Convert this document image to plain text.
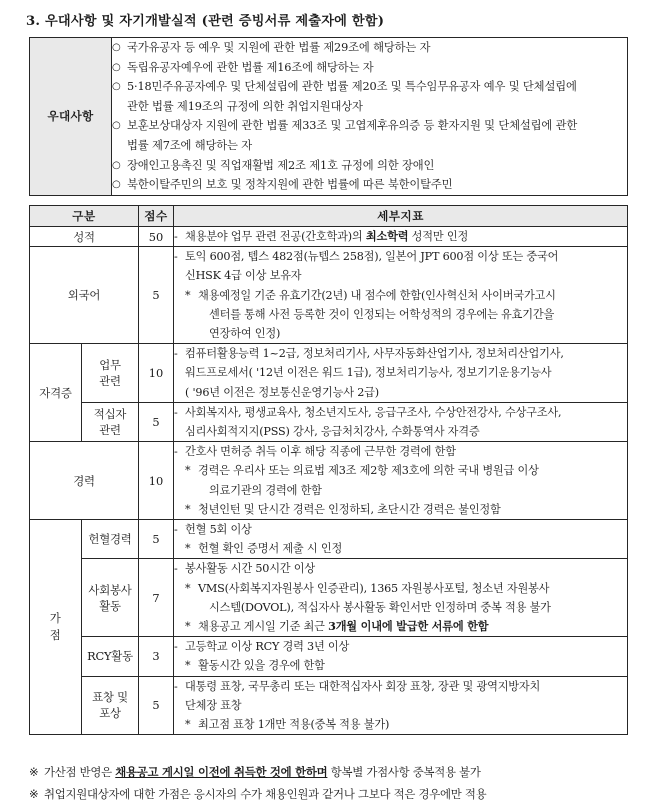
3. 우대사항 및 자기개발실적 (관련 증빙서류 제출자에 한함)
우대사항	
○ 국가유공자 등 예우 및 지원에 관한 법률 제29조에 해당하는 자
○ 독립유공자예우에 관한 법률 제16조에 해당하는 자
○ 5·18민주유공자예우 및 단체설립에 관한 법률 제20조 및 특수임무유공자 예우 및 단체설립에
관한 법률 제19조의 규정에 의한 취업지원대상자
○ 보훈보상대상자 지원에 관한 법률 제33조 및 고엽제후유의증 등 환자지원 및 단체설립에 관한
법률 제7조에 해당하는 자
○ 장애인고용촉진 및 직업재활법 제2조 제1호 규정에 의한 장애인
○ 북한이탈주민의 보호 및 정착지원에 관한 법률에 따른 북한이탈주민
구분		점수	세부지표
성적		50	- 채용분야 업무 관련 전공(간호학과)의 최소학력 성적만 인정

외국어	5	
- 토익 600점, 텝스 482점(뉴텝스 258점), 일본어 JPT 600점 이상 또는 중국어
신HSK 4급 이상 보유자
* 채용예정일 기준 유효기간(2년) 내 점수에 한함(인사혁신처 사이버국가고시
센터를 통해 사전 등록한 것이 인정되는 어학성적의 경우에는 유효기간을
연장하여 인정)

자격증	업무
관련	10	- 컴퓨터활용능력 1~2급, 정보처리기사, 사무자동화산업기사, 정보처리산업기사,
워드프로세서( '12년 이전은 워드 1급), 정보처리기능사, 정보기기운용기능사
( '96년 이전은 정보통신운영기능사 2급)

	적십자
관련	5	- 사회복지사, 평생교육사, 청소년지도사, 응급구조사, 수상안전강사, 수상구조사,
심리사회적지지(PSS) 강사, 응급처치강사, 수화통역사 자격증

경력	10	
- 간호사 면허증 취득 이후 해당 직종에 근무한 경력에 한함
* 경력은 우리사 또는 의료법 제3조 제2항 제3호에 의한 국내 병원급 이상
의료기관의 경력에 한함
* 청년인턴 및 단시간 경력은 인정하되, 초단시간 경력은 불인정함

가
점
	헌혈경력	5	
- 헌혈 5회 이상
* 헌혈 확인 증명서 제출 시 인정

사회봉사
활동	7	
- 봉사활동 시간 50시간 이상
* VMS(사회복지자원봉사 인증관리), 1365 자원봉사포털, 청소년 자원봉사
시스템(DOVOL), 적십자사 봉사활동 확인서만 인정하며 중복 적용 불가
* 채용공고 게시일 기준 최근 3개월 이내에 발급한 서류에 한함

	RCY활동	3	- 고등학교 이상 RCY 경력 3년 이상
* 활동시간 있을 경우에 한함

표창 및
포상	5	
- 대통령 표창, 국무총리 또는 대한적십자사 회장 표창, 장관 및 광역지방자치
단체장 표창
* 최고점 표창 1개만 적용(중복 적용 불가)
※ 가산점 반영은 채용공고 게시일 이전에 취득한 것에 한하며 항복별 가점사항 중복적용 불가
※ 취업지원대상자에 대한 가점은 응시자의 수가 채용인원과 같거나 그보다 적은 경우에만 적용
